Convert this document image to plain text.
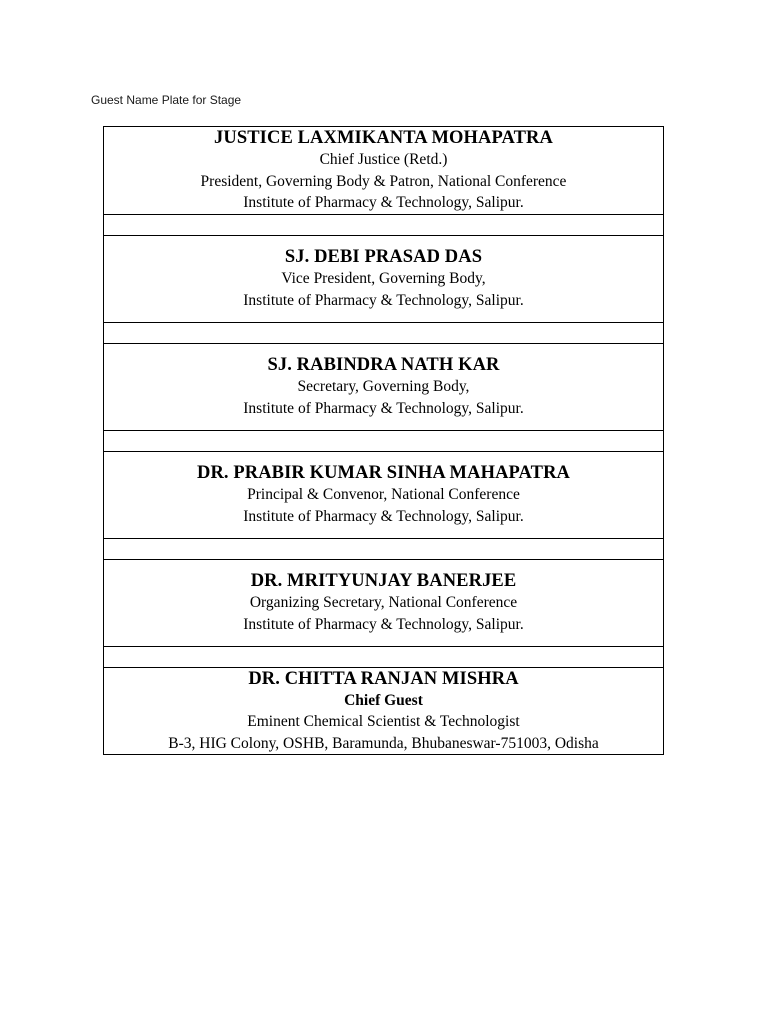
Guest Name Plate for Stage

JUSTICE LAXMIKANTA MOHAPATRA
Chief Justice (Retd.)
President, Governing Body & Patron, National Conference
Institute of Pharmacy & Technology, Salipur.

SJ. DEBI PRASAD DAS
Vice President, Governing Body,
Institute of Pharmacy & Technology, Salipur.

SJ. RABINDRA NATH KAR
Secretary, Governing Body,
Institute of Pharmacy & Technology, Salipur.

DR. PRABIR KUMAR SINHA MAHAPATRA
Principal & Convenor, National Conference
Institute of Pharmacy & Technology, Salipur.

DR. MRITYUNJAY BANERJEE
Organizing Secretary, National Conference
Institute of Pharmacy & Technology, Salipur.

DR. CHITTA RANJAN MISHRA
Chief Guest
Eminent Chemical Scientist & Technologist
B-3, HIG Colony, OSHB, Baramunda, Bhubaneswar-751003, Odisha
